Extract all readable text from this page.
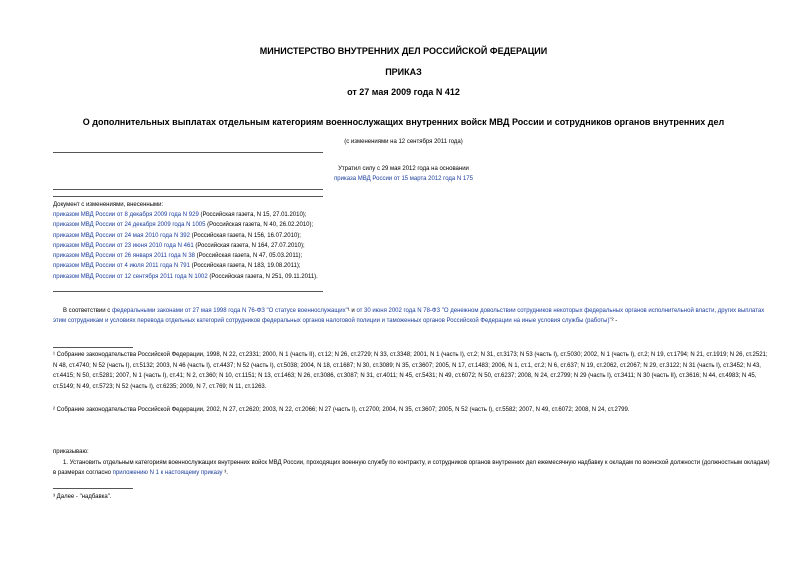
МИНИСТЕРСТВО ВНУТРЕННИХ ДЕЛ РОССИЙСКОЙ ФЕДЕРАЦИИ
ПРИКАЗ
от 27 мая 2009 года N 412
О дополнительных выплатах отдельным категориям военнослужащих внутренних войск МВД России и сотрудников органов внутренних дел
(с изменениями на 12 сентября 2011 года)
Утратил силу с 29 мая 2012 года на основании
приказа МВД России от 15 марта 2012 года N 175
Документ с изменениями, внесенными:
приказом МВД России от 8 декабря 2009 года N 929 (Российская газета, N 15, 27.01.2010);
приказом МВД России от 24 декабря 2009 года N 1005 (Российская газета, N 40, 26.02.2010);
приказом МВД России от 24 мая 2010 года N 392 (Российская газета, N 156, 16.07.2010);
приказом МВД России от 23 июня 2010 года N 461 (Российская газета, N 164, 27.07.2010);
приказом МВД России от 26 января 2011 года N 38 (Российская газета, N 47, 05.03.2011);
приказом МВД России от 4 июля 2011 года N 791 (Российская газета, N 183, 19.08.2011);
приказом МВД России от 12 сентября 2011 года N 1002 (Российская газета, N 251, 09.11.2011).
В соответствии с федеральными законами от 27 мая 1998 года N 76-ФЗ "О статусе военнослужащих"¹ и от 30 июня 2002 года N 78-ФЗ "О денежном довольствии сотрудников некоторых федеральных органов исполнительной власти, других выплатах этим сотрудникам и условиях перевода отдельных категорий сотрудников федеральных органов налоговой полиции и таможенных органов Российской Федерации на иные условия службы (работы)"² -
¹ Собрание законодательства Российской Федерации, 1998, N 22, ст.2331; 2000, N 1 (часть II), ст.12; N 26, ст.2729; N 33, ст.3348; 2001, N 1 (часть I), ст.2; N 31, ст.3173; N 53 (часть I), ст.5030; 2002, N 1 (часть I), ст.2; N 19, ст.1794; N 21, ст.1919; N 26, ст.2521; N 48, ст.4740; N 52 (часть I), ст.5132; 2003, N 46 (часть I), ст.4437; N 52 (часть I), ст.5038; 2004, N 18, ст.1687; N 30, ст.3089; N 35, ст.3607; 2005, N 17, ст.1483; 2006, N 1, ст.1, ст.2; N 6, ст.637; N 19, ст.2062, ст.2067; N 29, ст.3122; N 31 (часть I), ст.3452; N 43, ст.4415; N 50, ст.5281; 2007, N 1 (часть I), ст.41; N 2, ст.360; N 10, ст.1151; N 13, ст.1463; N 26, ст.3086, ст.3087; N 31, ст.4011; N 45, ст.5431; N 49, ст.6072; N 50, ст.6237; 2008, N 24, ст.2799; N 29 (часть I), ст.3411; N 30 (часть II), ст.3616; N 44, ст.4983; N 45, ст.5149; N 49, ст.5723; N 52 (часть I), ст.6235; 2009, N 7, ст.769; N 11, ст.1263.
² Собрание законодательства Российской Федерации, 2002, N 27, ст.2620; 2003, N 22, ст.2066; N 27 (часть I), ст.2700; 2004, N 35, ст.3607; 2005, N 52 (часть I), ст.5582; 2007, N 49, ст.6072; 2008, N 24, ст.2799.
приказываю:
1. Установить отдельным категориям военнослужащих внутренних войск МВД России, проходящих военную службу по контракту, и сотрудников органов внутренних дел ежемесячную надбавку к окладам по воинской должности (должностным окладам) в размерах согласно приложению N 1 к настоящему приказу ³.
³ Далее - "надбавка".
